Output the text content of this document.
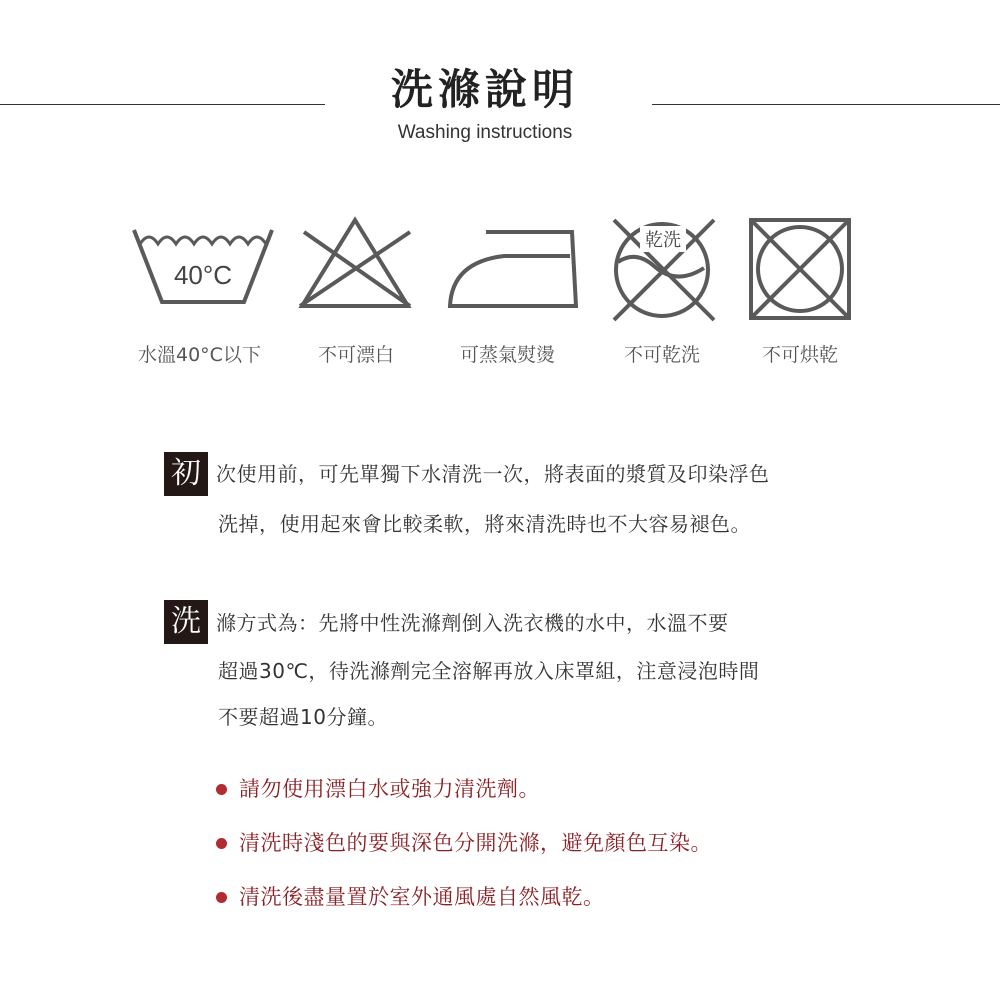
洗滌說明
Washing instructions
40°C
乾洗
水溫40°C以下	不可漂白	可蒸氣熨燙	不可乾洗	不可烘乾
初 次使用前，可先單獨下水清洗一次，將表面的漿質及印染浮色
洗掉，使用起來會比較柔軟，將來清洗時也不大容易褪色。
洗 滌方式為：先將中性洗滌劑倒入洗衣機的水中，水溫不要
超過30℃，待洗滌劑完全溶解再放入床罩組，注意浸泡時間
不要超過10分鐘。
請勿使用漂白水或強力清洗劑。
清洗時淺色的要與深色分開洗滌，避免顏色互染。
清洗後盡量置於室外通風處自然風乾。
